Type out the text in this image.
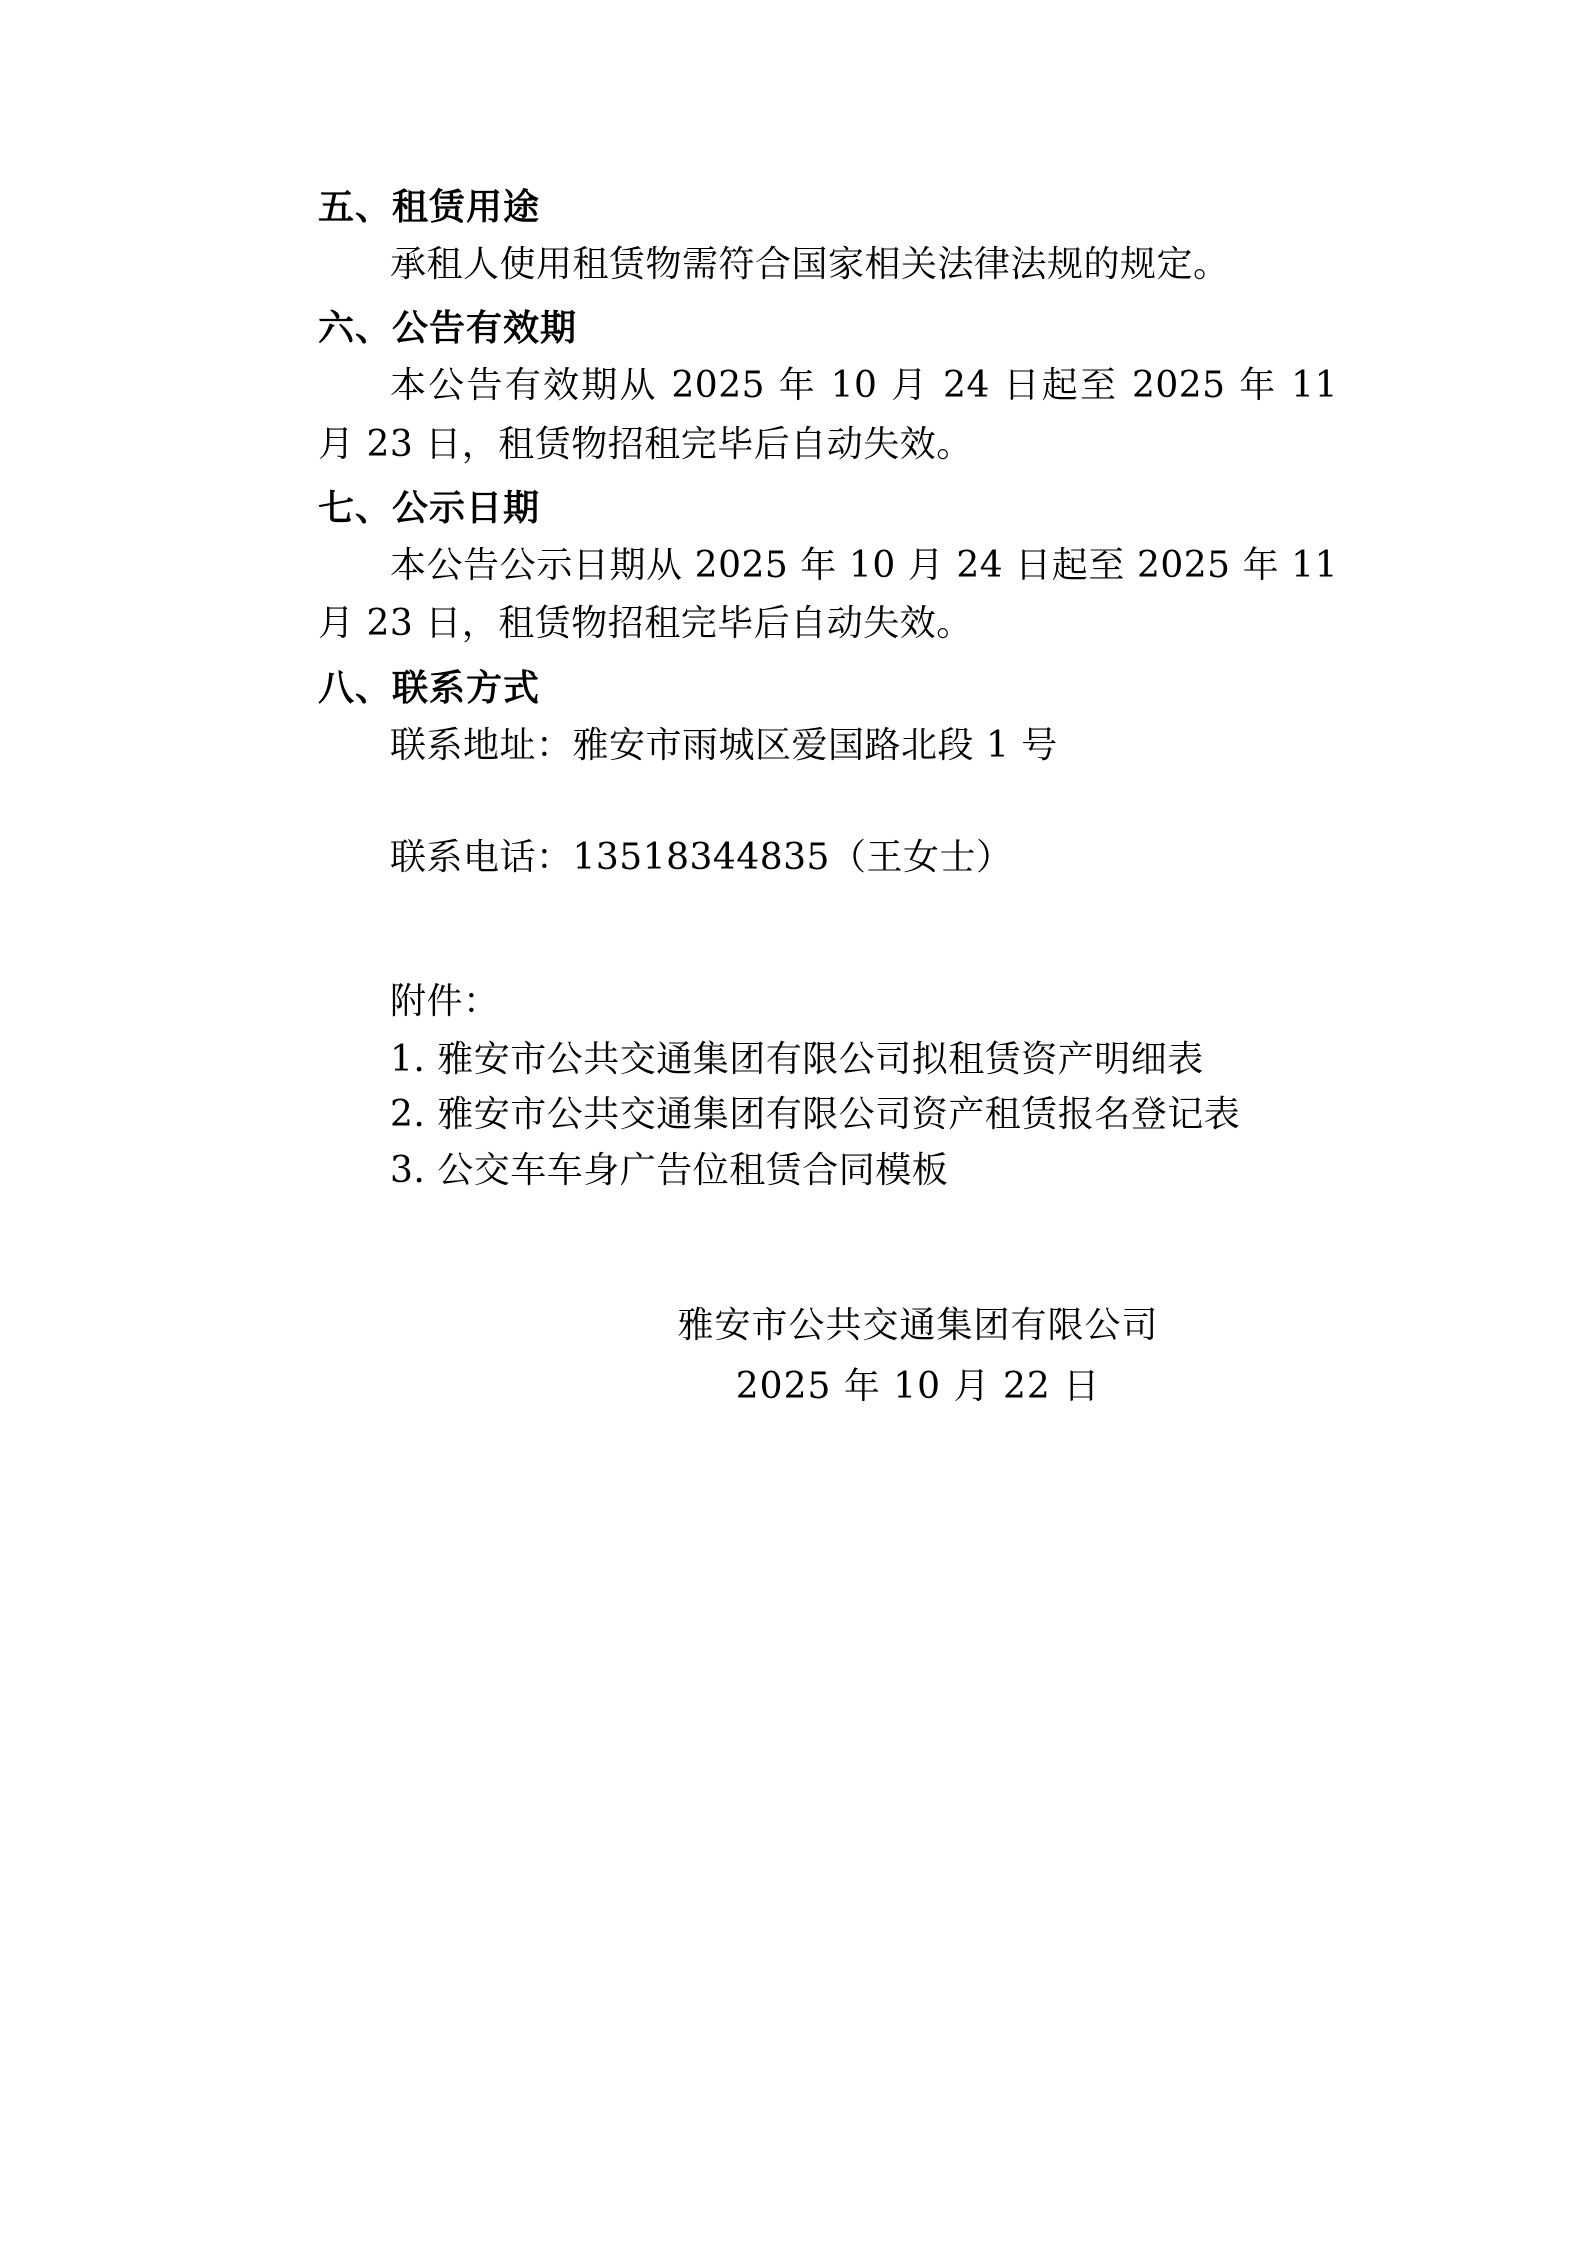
五、租赁用途

承租人使用租赁物需符合国家相关法律法规的规定。

六、公告有效期

本公告有效期从 2025 年 10 月 24 日起至 2025 年 11 月 23 日，租赁物招租完毕后自动失效。

七、公示日期

本公告公示日期从 2025 年 10 月 24 日起至 2025 年 11 月 23 日，租赁物招租完毕后自动失效。

八、联系方式

联系地址：雅安市雨城区爱国路北段 1 号

联系电话：13518344835（王女士）

附件：

1. 雅安市公共交通集团有限公司拟租赁资产明细表

2. 雅安市公共交通集团有限公司资产租赁报名登记表

3. 公交车车身广告位租赁合同模板

雅安市公共交通集团有限公司
2025 年 10 月 22 日
